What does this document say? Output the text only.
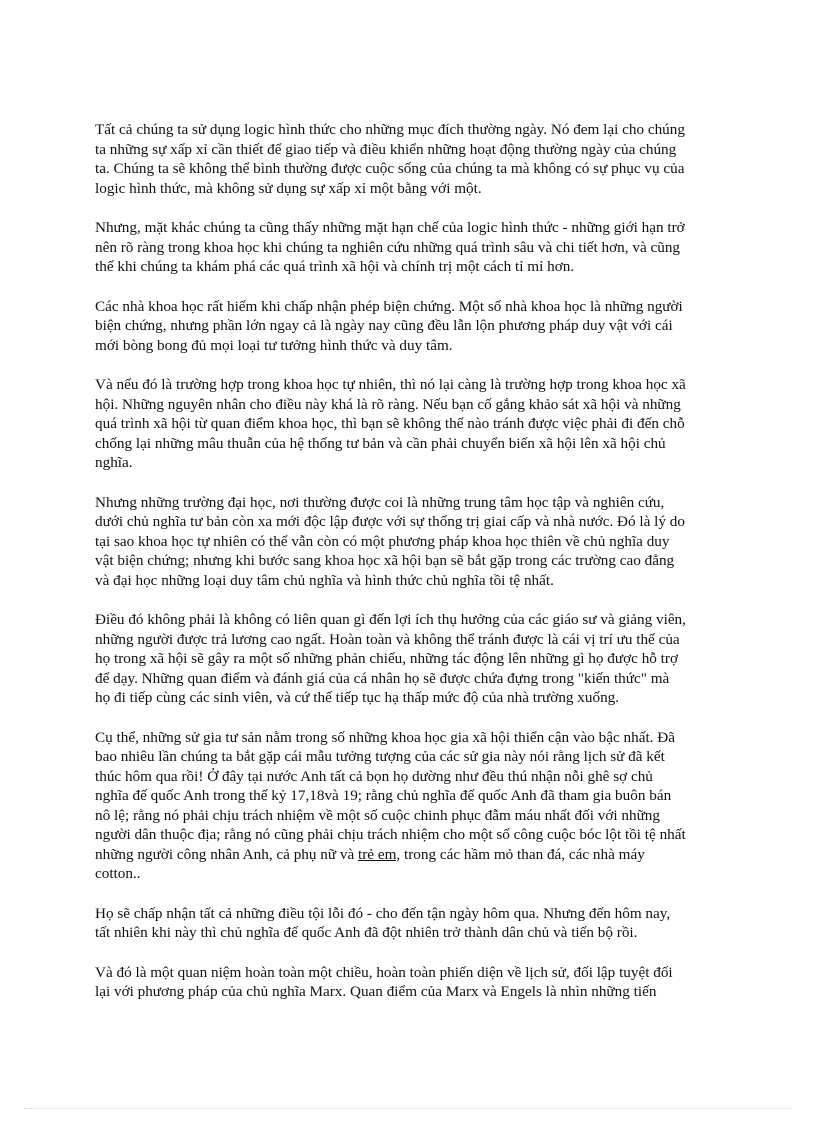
Tất cả chúng ta sử dụng logic hình thức cho những mục đích thường ngày. Nó đem lại cho chúng
ta những sự xấp xỉ cần thiết để giao tiếp và điều khiển những hoạt động thường ngày của chúng
ta. Chúng ta sẽ không thể bình thường được cuộc sống của chúng ta mà không có sự phục vụ của
logic hình thức, mà không sử dụng sự xấp xỉ một bằng với một.

Nhưng, mặt khác chúng ta cũng thấy những mặt hạn chế của logic hình thức - những giới hạn trở
nên rõ ràng trong khoa học khi chúng ta nghiên cứu những quá trình sâu và chi tiết hơn, và cũng
thế khi chúng ta khám phá các quá trình xã hội và chính trị một cách tỉ mỉ hơn.

Các nhà khoa học rất hiếm khi chấp nhận phép biện chứng. Một số nhà khoa học là những người
biện chứng, nhưng phần lớn ngay cả là ngày nay cũng đều lẫn lộn phương pháp duy vật với cái
mới bòng bong đủ mọi loại tư tưởng hình thức và duy tâm.

Và nếu đó là trường hợp trong khoa học tự nhiên, thì nó lại càng là trường hợp trong khoa học xã
hội. Những nguyên nhân cho điều này khá là rõ ràng. Nếu bạn cố gắng khảo sát xã hội và những
quá trình xã hội từ quan điểm khoa học, thì bạn sẽ không thể nào tránh được việc phải đi đến chỗ
chống lại những mâu thuẫn của hệ thống tư bản và cần phải chuyển biến xã hội lên xã hội chủ
nghĩa.

Nhưng những trường đại học, nơi thường được coi là những trung tâm học tập và nghiên cứu,
dưới chủ nghĩa tư bản còn xa mới độc lập được với sự thống trị giai cấp và nhà nước. Đó là lý do
tại sao khoa học tự nhiên có thể vẫn còn có một phương pháp khoa học thiên về chủ nghĩa duy
vật biện chứng; nhưng khi bước sang khoa học xã hội bạn sẽ bắt gặp trong các trường cao đẳng
và đại học những loại duy tâm chủ nghĩa và hình thức chủ nghĩa tồi tệ nhất.

Điều đó không phải là không có liên quan gì đến lợi ích thụ hưởng của các giáo sư và giảng viên,
những người được trả lương cao ngất. Hoàn toàn và không thể tránh được là cái vị trí ưu thế của
họ trong xã hội sẽ gây ra một số những phản chiếu, những tác động lên những gì họ được hỗ trợ
để dạy. Những quan điểm và đánh giá của cá nhân họ sẽ được chứa đựng trong "kiến thức" mà
họ đi tiếp cùng các sinh viên, và cứ thế tiếp tục hạ thấp mức độ của nhà trường xuống.

Cụ thể, những sử gia tư sản nằm trong số những khoa học gia xã hội thiển cận vào bậc nhất. Đã
bao nhiêu lần chúng ta bắt gặp cái mẫu tưởng tượng của các sử gia này nói rằng lịch sử đã kết
thúc hôm qua rồi! Ở đây tại nước Anh tất cả bọn họ dường như đều thú nhận nỗi ghê sợ chủ
nghĩa đế quốc Anh trong thế kỷ 17,18và 19; rằng chủ nghĩa đế quốc Anh đã tham gia buôn bán
nô lệ; rằng nó phải chịu trách nhiệm về một số cuộc chinh phục đẫm máu nhất đối với những
người dân thuộc địa; rằng nó cũng phải chịu trách nhiệm cho một số công cuộc bóc lột tồi tệ nhất
những người công nhân Anh, cả phụ nữ và trẻ em, trong các hầm mỏ than đá, các nhà máy
cotton..

Họ sẽ chấp nhận tất cả những điều tội lỗi đó - cho đến tận ngày hôm qua. Nhưng đến hôm nay,
tất nhiên khi này thì chủ nghĩa đế quốc Anh đã đột nhiên trở thành dân chủ và tiến bộ rồi.

Và đó là một quan niệm hoàn toàn một chiều, hoàn toàn phiến diện về lịch sử, đối lập tuyệt đối
lại với phương pháp của chủ nghĩa Marx. Quan điểm của Marx và Engels là nhìn những tiến
